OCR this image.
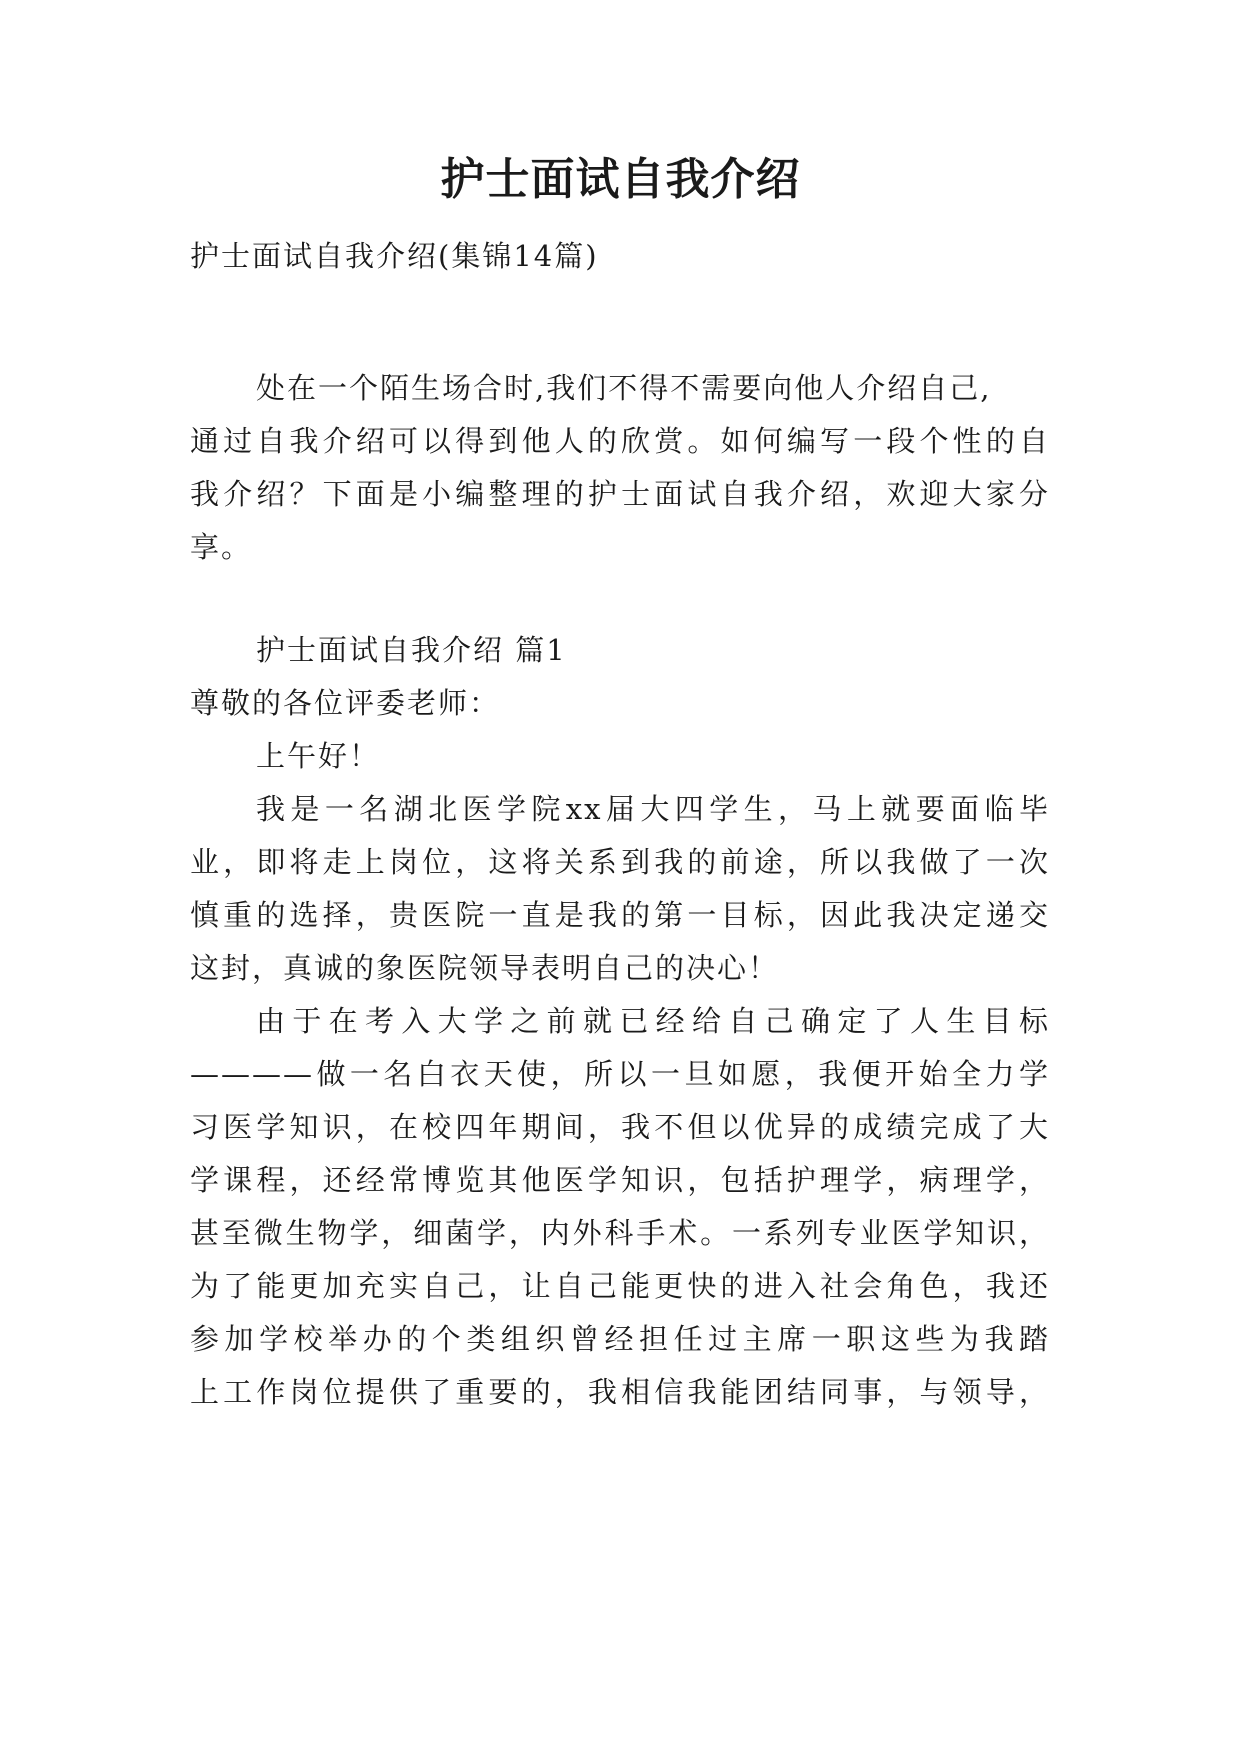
护士面试自我介绍
护士面试自我介绍(集锦14篇)
处在一个陌生场合时,我们不得不需要向他人介绍自己,
通过自我介绍可以得到他人的欣赏。如何编写一段个性的自
我介绍？下面是小编整理的护士面试自我介绍，欢迎大家分
享。
护士面试自我介绍 篇1
尊敬的各位评委老师：
上午好！
我是一名湖北医学院xx届大四学生，马上就要面临毕
业，即将走上岗位，这将关系到我的前途，所以我做了一次
慎重的选择，贵医院一直是我的第一目标，因此我决定递交
这封，真诚的象医院领导表明自己的决心！
由于在考入大学之前就已经给自己确定了人生目标
————做一名白衣天使，所以一旦如愿，我便开始全力学
习医学知识，在校四年期间，我不但以优异的成绩完成了大
学课程，还经常博览其他医学知识，包括护理学，病理学，
甚至微生物学，细菌学，内外科手术。一系列专业医学知识，
为了能更加充实自己，让自己能更快的进入社会角色，我还
参加学校举办的个类组织曾经担任过主席一职这些为我踏
上工作岗位提供了重要的，我相信我能团结同事，与领导，
